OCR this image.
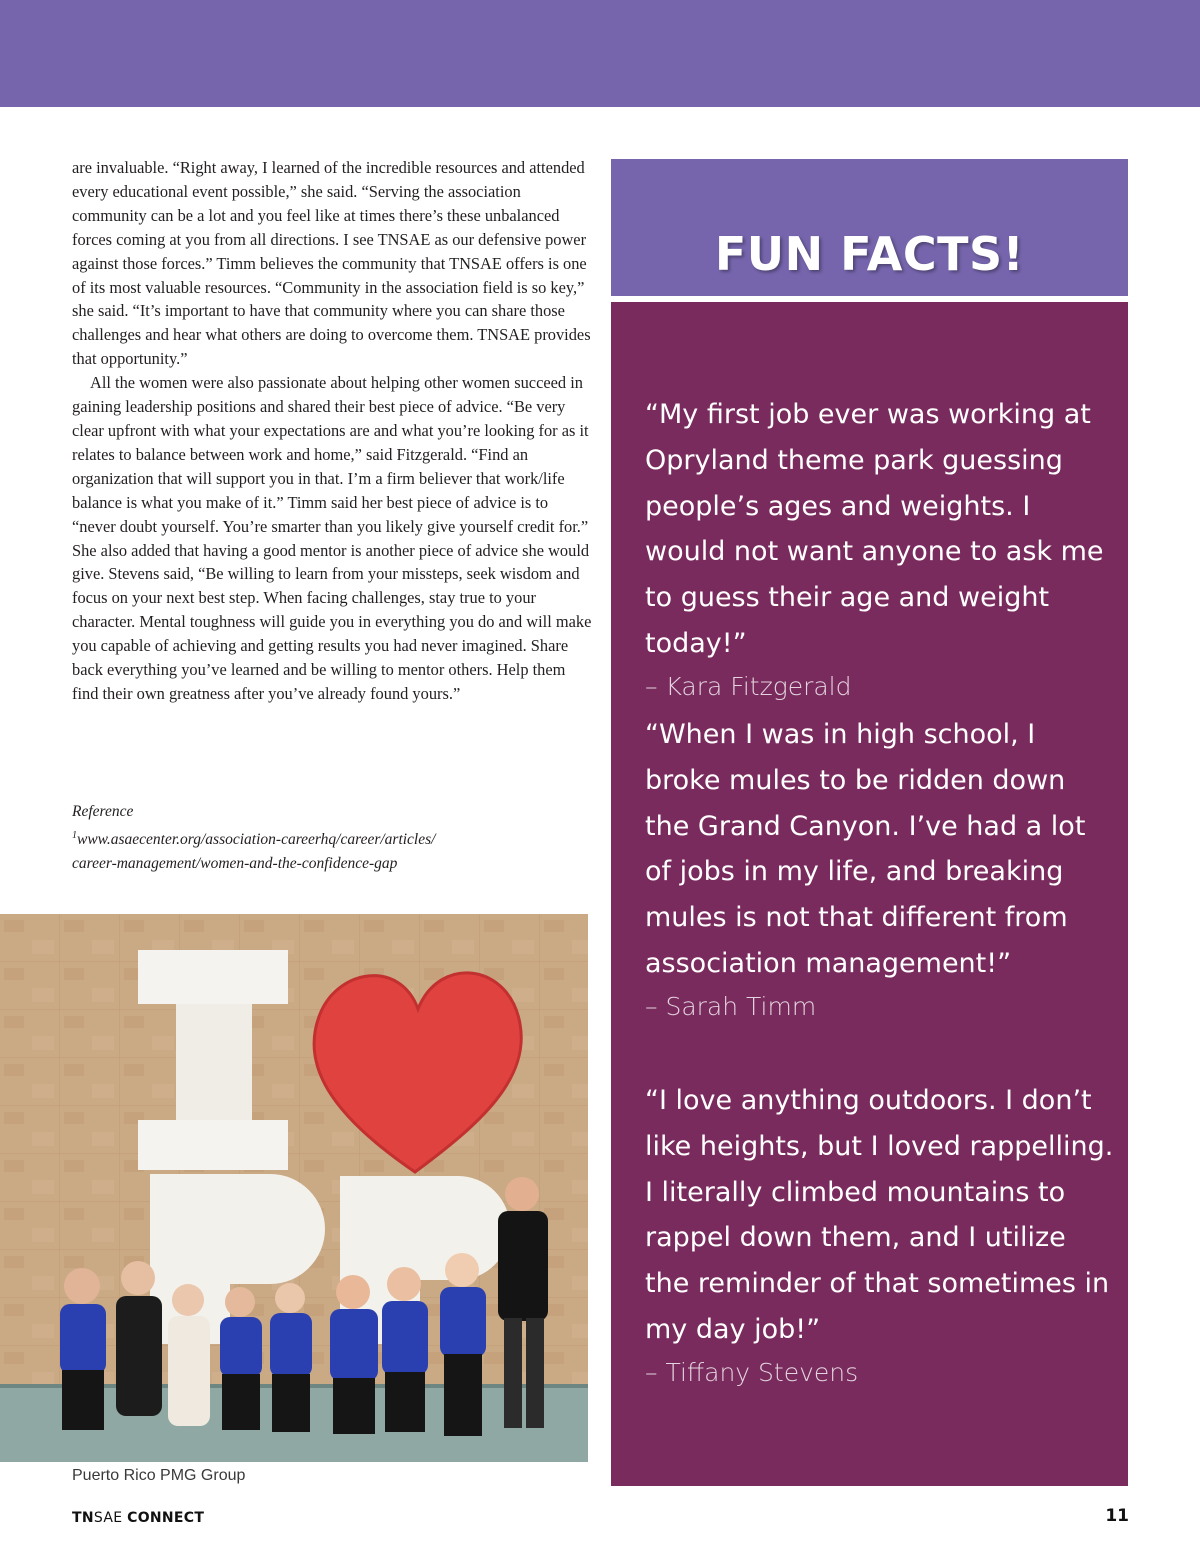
are invaluable. “Right away, I learned of the incredible resources and attended every educational event possible,” she said. “Serving the association community can be a lot and you feel like at times there’s these unbalanced forces coming at you from all directions. I see TNSAE as our defensive power against those forces.” Timm believes the community that TNSAE offers is one of its most valuable resources. “Community in the association field is so key,” she said. “It’s important to have that community where you can share those challenges and hear what others are doing to overcome them. TNSAE provides that opportunity.”

All the women were also passionate about helping other women succeed in gaining leadership positions and shared their best piece of advice. “Be very clear upfront with what your expectations are and what you’re looking for as it relates to balance between work and home,” said Fitzgerald. “Find an organization that will support you in that. I’m a firm believer that work/life balance is what you make of it.” Timm said her best piece of advice is to “never doubt yourself. You’re smarter than you likely give yourself credit for.” She also added that having a good mentor is another piece of advice she would give. Stevens said, “Be willing to learn from your missteps, seek wisdom and focus on your next best step. When facing challenges, stay true to your character. Mental toughness will guide you in everything you do and will make you capable of achieving and getting results you had never imagined. Share back everything you’ve learned and be willing to mentor others. Help them find their own greatness after you’ve already found yours.”

Reference
$^1$www.asaecenter.org/association-careerhq/career/articles/
career-management/women-and-the-confidence-gap
Puerto Rico PMG Group
FUN FACTS!

“My first job ever was working at Opryland theme park guessing people’s ages and weights. I would not want anyone to ask me to guess their age and weight today!”

– Kara Fitzgerald

“When I was in high school, I broke mules to be ridden down the Grand Canyon. I’ve had a lot of jobs in my life, and breaking mules is not that different from association management!”

– Sarah Timm

“I love anything outdoors. I don’t like heights, but I loved rappelling. I literally climbed mountains to rappel down them, and I utilize the reminder of that sometimes in my day job!”

– Tiffany Stevens

TNSAE CONNECT	11
